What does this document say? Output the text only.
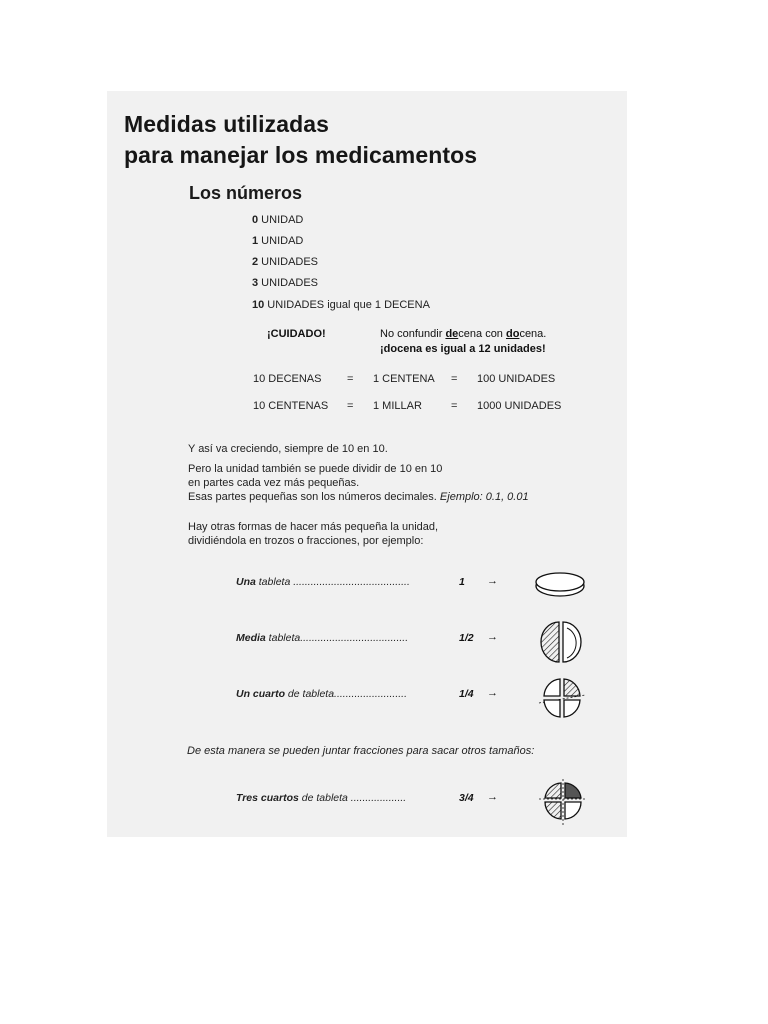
Medidas utilizadas
para manejar los medicamentos
Los números
0 UNIDAD
1 UNIDAD
2 UNIDADES
3 UNIDADES
10 UNIDADES igual que 1 DECENA
¡CUIDADO!	No confundir decena con docena.
¡docena es igual a 12 unidades!
10 DECENAS = 1 CENTENA = 100 UNIDADES
10 CENTENAS = 1 MILLAR	= 1000 UNIDADES
Y así va creciendo, siempre de 10 en 10.
Pero la unidad también se puede dividir de 10 en 10
en partes cada vez más pequeñas.
Esas partes pequeñas son los números decimales. Ejemplo: 0.1, 0.01
Hay otras formas de hacer más pequeña la unidad,
dividiéndola en trozos o fracciones, por ejemplo:
Una tableta ........................................	1 →
Media tableta.....................................	1/2 →
Un cuarto de tableta.........................	1/4 →
De esta manera se pueden juntar fracciones para sacar otros tamaños:
Tres cuartos de tableta ...................	3/4 →
